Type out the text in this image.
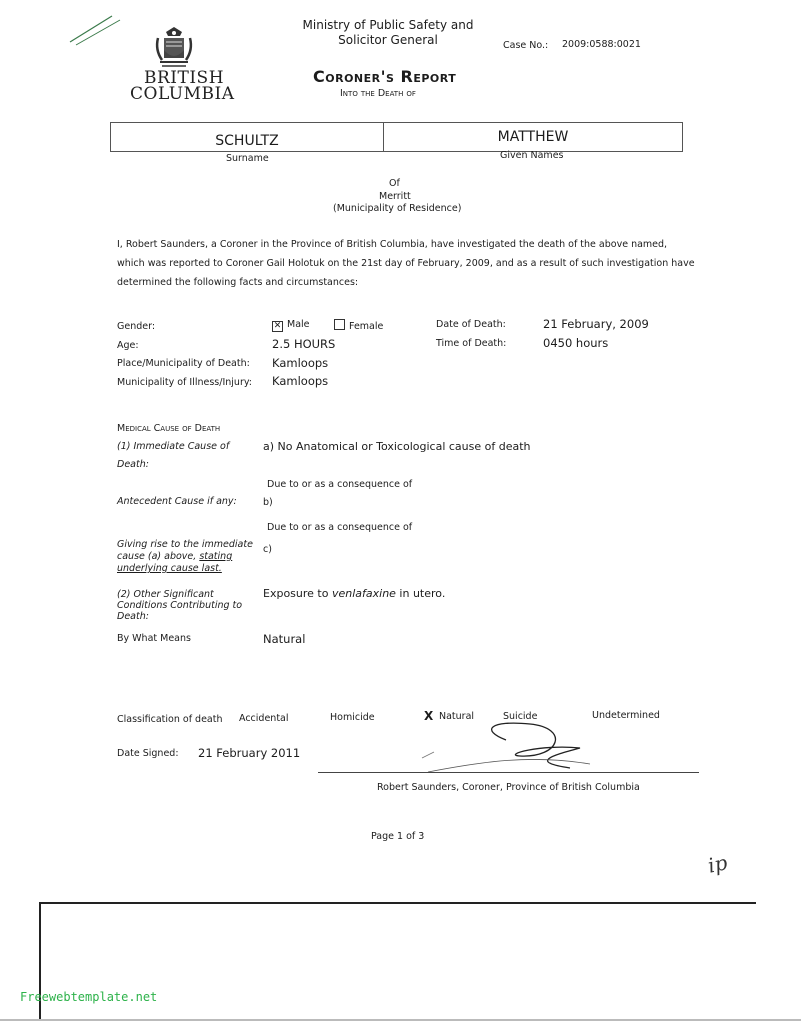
BRITISH
COLUMBIA
Ministry of Public Safety and
Solicitor General	Case No.: 2009:0588:0021
Coroner's Report
Into the Death of
SCHULTZ	MATTHEW
Surname	Given Names
Of
Merritt
(Municipality of Residence)
I, Robert Saunders, a Coroner in the Province of British Columbia, have investigated the death of the above named,
which was reported to Coroner Gail Holotuk on the 21st day of February, 2009, and as a result of such investigation have
determined the following facts and circumstances:
Gender:	✕ Male	Female
Age:	2.5 HOURS
Place/Municipality of Death: Kamloops
Municipality of Illness/Injury: Kamloops
Date of Death:	21 February, 2009
Time of Death:	0450 hours
Medical Cause of Death
(1) Immediate Cause of
Death:
a) No Anatomical or Toxicological cause of death
Due to or as a consequence of
Antecedent Cause if any:	b)
Due to or as a consequence of
Giving rise to the immediate
cause (a) above, stating
underlying cause last.
c)
(2) Other Significant
Conditions Contributing to
Death:
Exposure to venlafaxine in utero.
By What Means	Natural
Classification of death Accidental	Homicide	X Natural	Suicide	Undetermined
Date Signed: 21 February 2011
Robert Saunders, Coroner, Province of British Columbia
Page 1 of 3
ip
Freewebtemplate.net
